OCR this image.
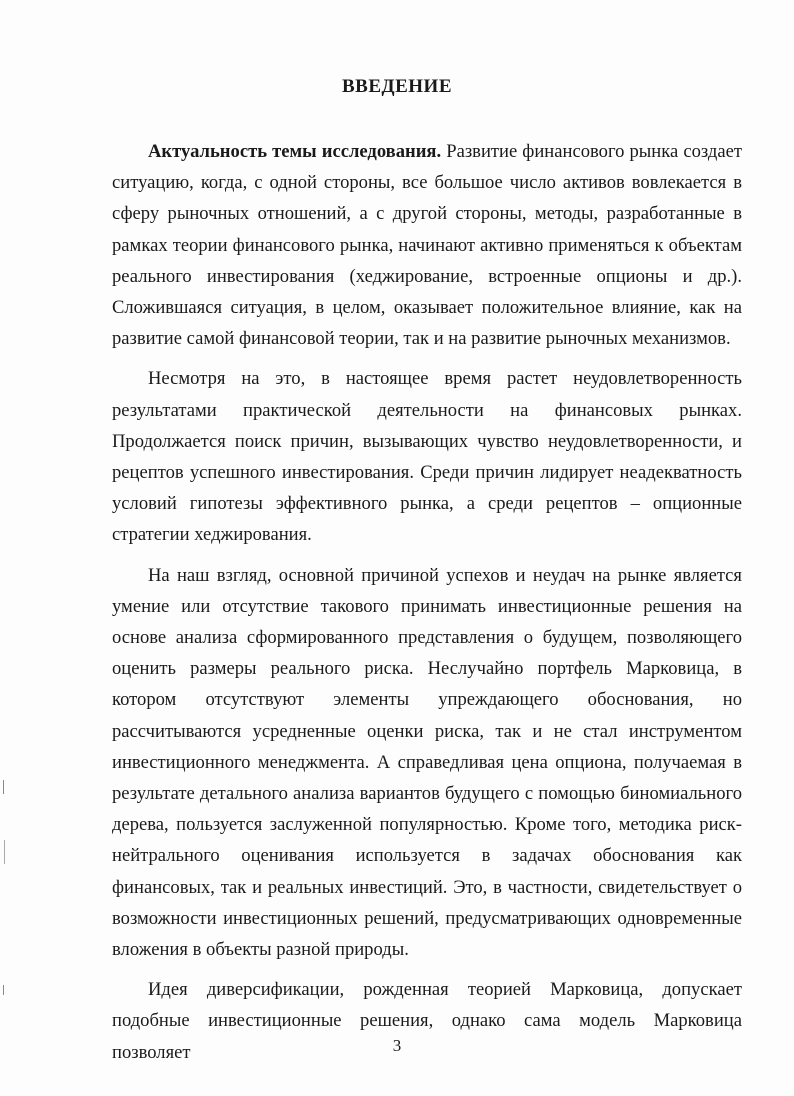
ВВЕДЕНИЕ

Актуальность темы исследования. Развитие финансового рынка создает ситуацию, когда, с одной стороны, все большое число активов вовлекается в сферу рыночных отношений, а с другой стороны, методы, разработанные в рамках теории финансового рынка, начинают активно применяться к объектам реального инвестирования (хеджирование, встроенные опционы и др.). Сложившаяся ситуация, в целом, оказывает положительное влияние, как на развитие самой финансовой теории, так и на развитие рыночных механизмов.

Несмотря на это, в настоящее время растет неудовлетворенность результатами практической деятельности на финансовых рынках. Продолжается поиск причин, вызывающих чувство неудовлетворенности, и рецептов успешного инвестирования. Среди причин лидирует неадекватность условий гипотезы эффективного рынка, а среди рецептов – опционные стратегии хеджирования.

На наш взгляд, основной причиной успехов и неудач на рынке является умение или отсутствие такового принимать инвестиционные решения на основе анализа сформированного представления о будущем, позволяющего оценить размеры реального риска. Неслучайно портфель Марковица, в котором отсутствуют элементы упреждающего обоснования, но рассчитываются усредненные оценки риска, так и не стал инструментом инвестиционного менеджмента. А справедливая цена опциона, получаемая в результате детального анализа вариантов будущего с помощью биномиального дерева, пользуется заслуженной популярностью. Кроме того, методика риск-нейтрального оценивания используется в задачах обоснования как финансовых, так и реальных инвестиций. Это, в частности, свидетельствует о возможности инвестиционных решений, предусматривающих одновременные вложения в объекты разной природы.

Идея диверсификации, рожденная теорией Марковица, допускает подобные инвестиционные решения, однако сама модель Марковица позволяет	3
